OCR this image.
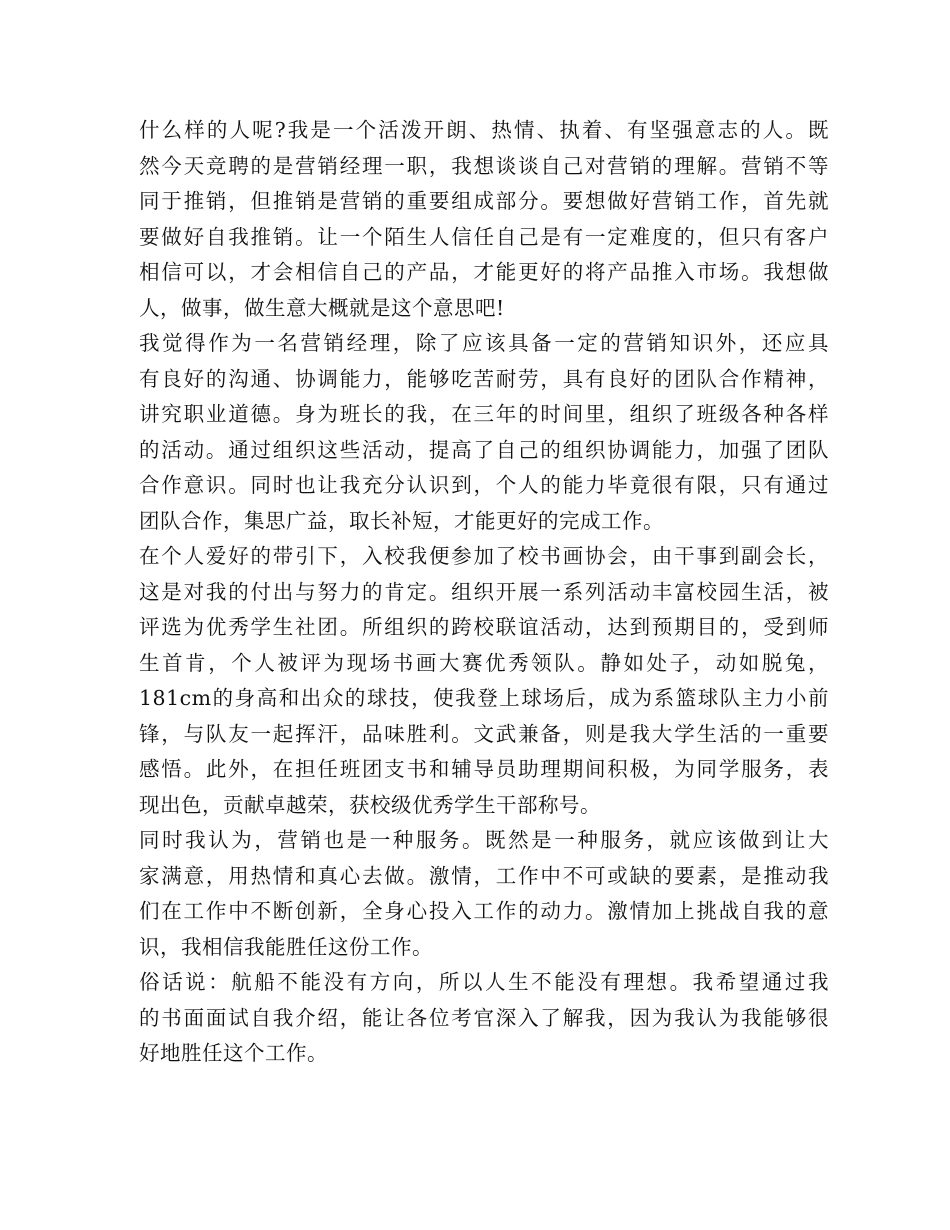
什么样的人呢?我是一个活泼开朗、热情、执着、有坚强意志的人。既
然今天竞聘的是营销经理一职，我想谈谈自己对营销的理解。营销不等
同于推销，但推销是营销的重要组成部分。要想做好营销工作，首先就
要做好自我推销。让一个陌生人信任自己是有一定难度的，但只有客户
相信可以，才会相信自己的产品，才能更好的将产品推入市场。我想做
人，做事，做生意大概就是这个意思吧!
我觉得作为一名营销经理，除了应该具备一定的营销知识外，还应具
有良好的沟通、协调能力，能够吃苦耐劳，具有良好的团队合作精神，
讲究职业道德。身为班长的我，在三年的时间里，组织了班级各种各样
的活动。通过组织这些活动，提高了自己的组织协调能力，加强了团队
合作意识。同时也让我充分认识到，个人的能力毕竟很有限，只有通过
团队合作，集思广益，取长补短，才能更好的完成工作。
在个人爱好的带引下，入校我便参加了校书画协会，由干事到副会长，
这是对我的付出与努力的肯定。组织开展一系列活动丰富校园生活，被
评选为优秀学生社团。所组织的跨校联谊活动，达到预期目的，受到师
生首肯，个人被评为现场书画大赛优秀领队。静如处子，动如脱兔，
181cm的身高和出众的球技，使我登上球场后，成为系篮球队主力小前
锋，与队友一起挥汗，品味胜利。文武兼备，则是我大学生活的一重要
感悟。此外，在担任班团支书和辅导员助理期间积极，为同学服务，表
现出色，贡献卓越荣，获校级优秀学生干部称号。
同时我认为，营销也是一种服务。既然是一种服务，就应该做到让大
家满意，用热情和真心去做。激情，工作中不可或缺的要素，是推动我
们在工作中不断创新，全身心投入工作的动力。激情加上挑战自我的意
识，我相信我能胜任这份工作。
俗话说：航船不能没有方向，所以人生不能没有理想。我希望通过我
的书面面试自我介绍，能让各位考官深入了解我，因为我认为我能够很
好地胜任这个工作。
